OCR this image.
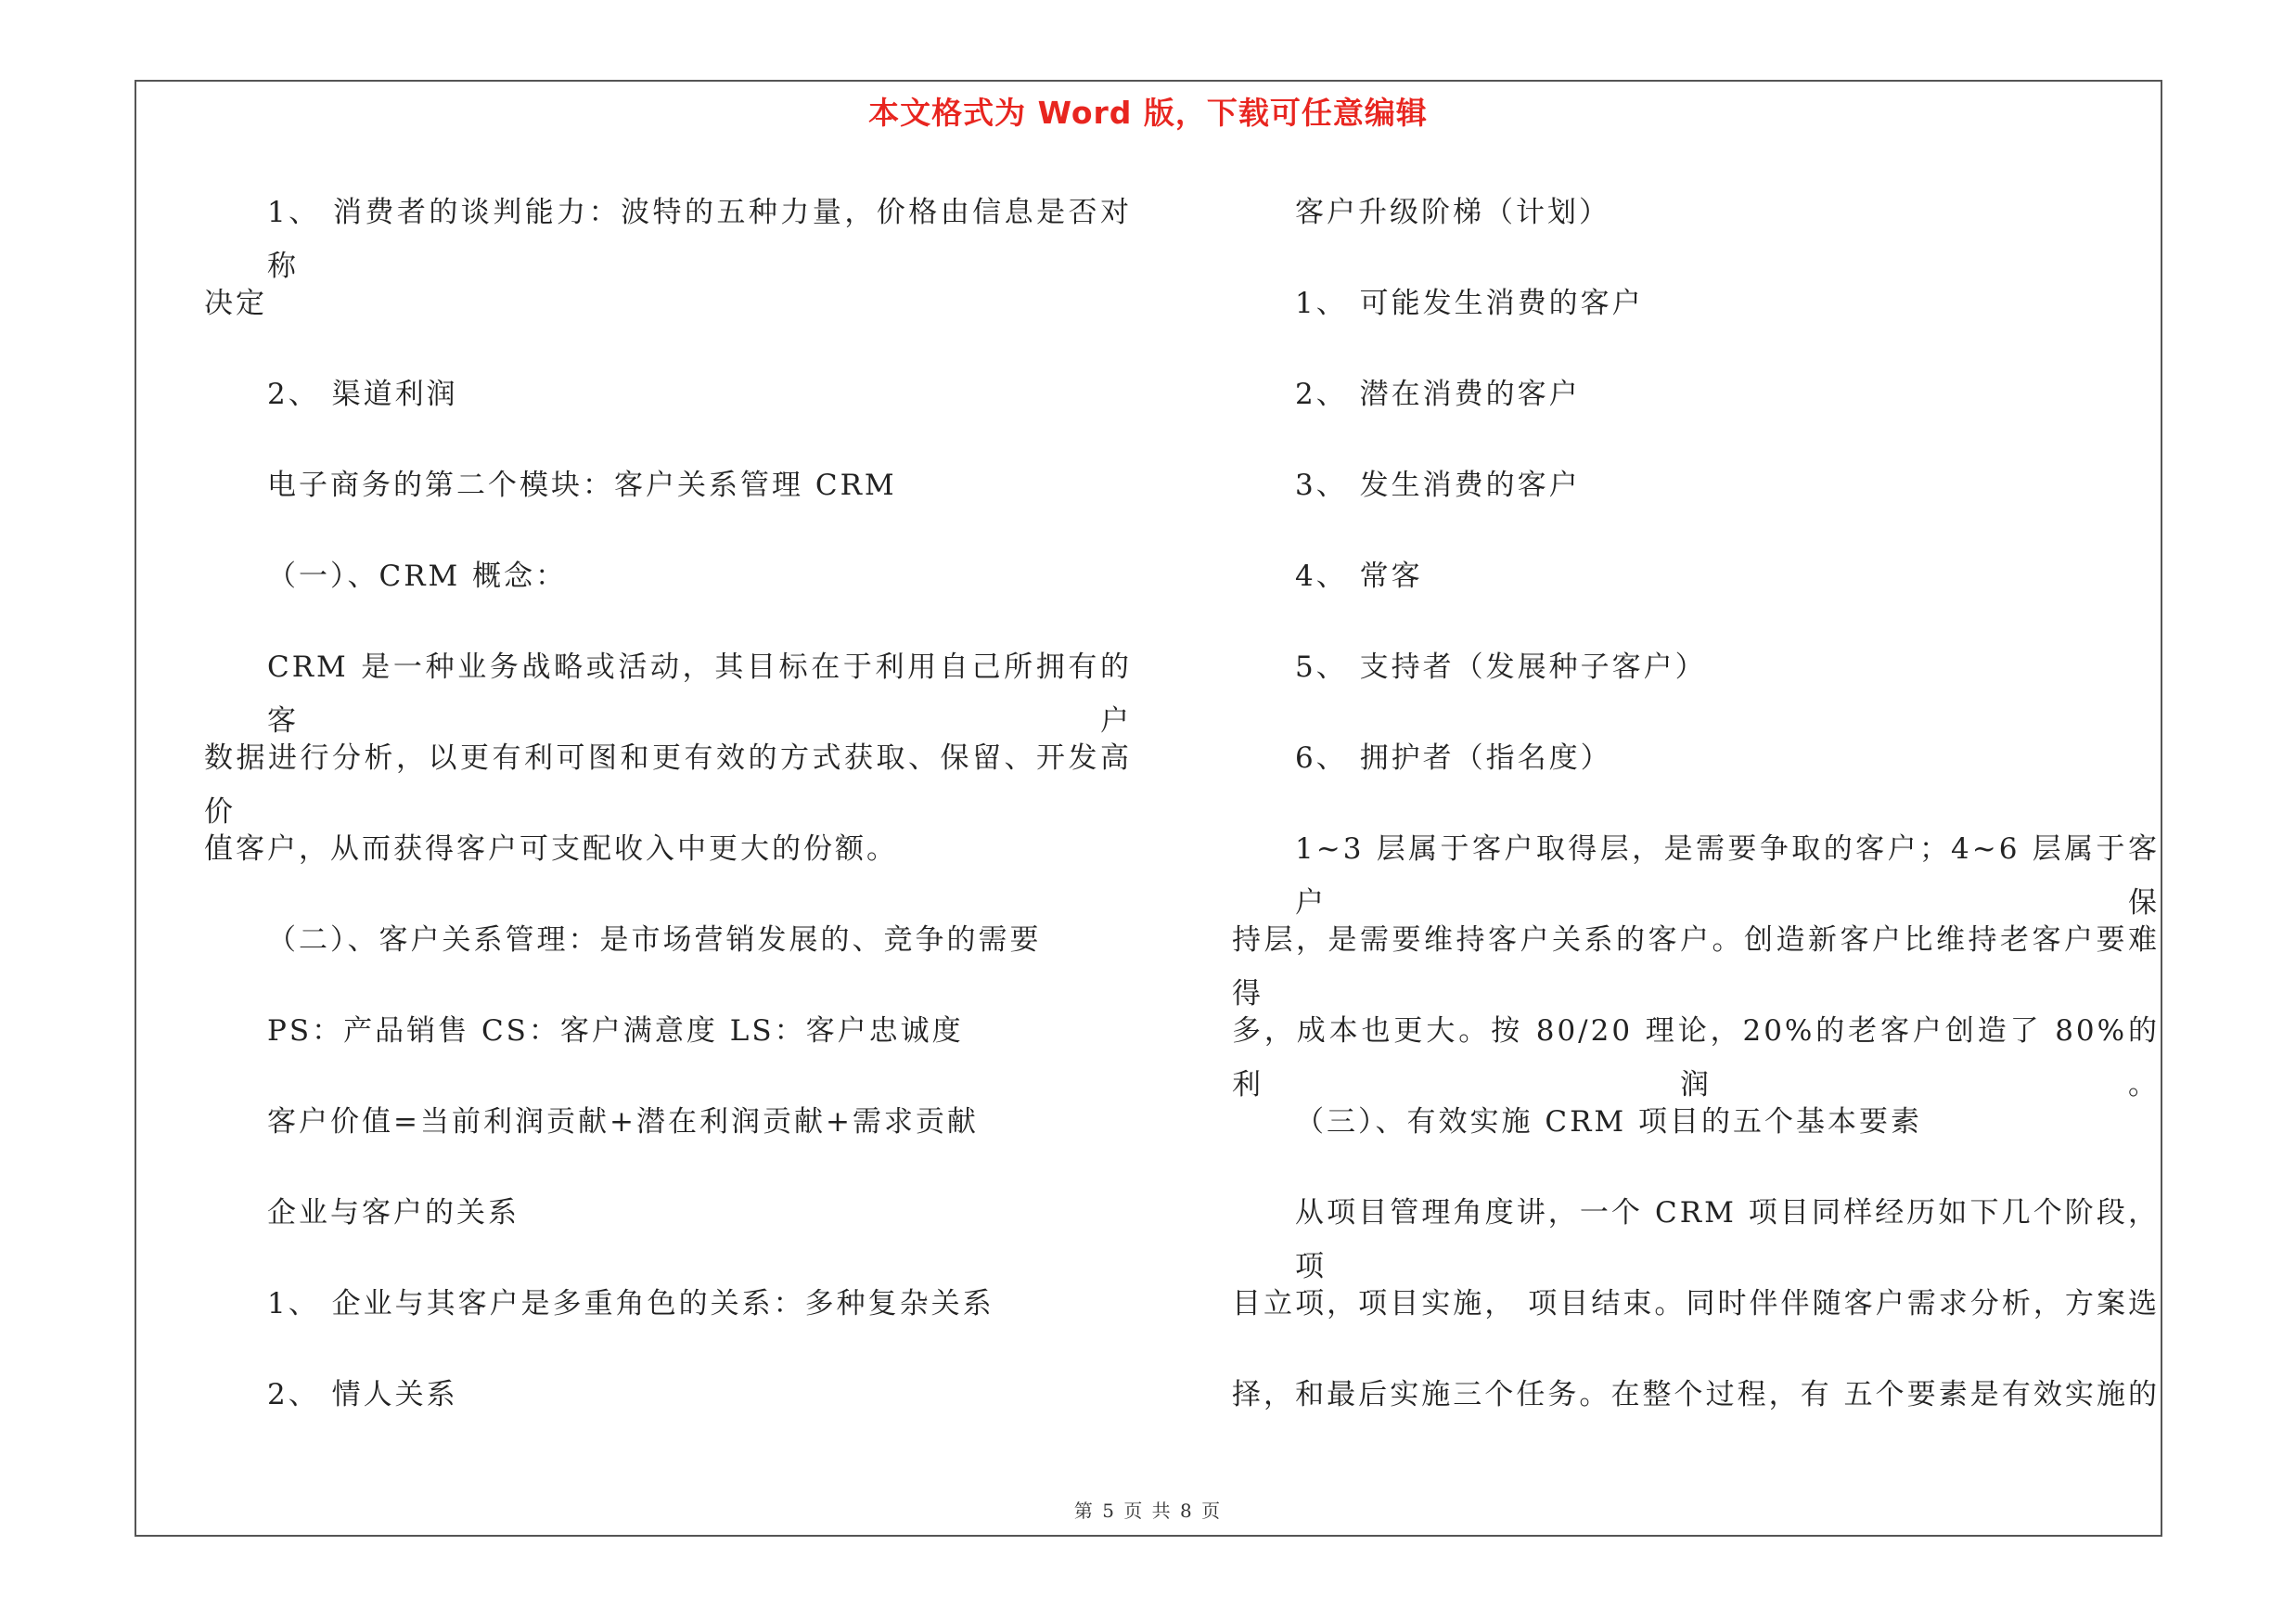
本文格式为 Word 版，下载可任意编辑
1、 消费者的谈判能力：波特的五种力量，价格由信息是否对称
决定
2、 渠道利润
电子商务的第二个模块：客户关系管理 CRM
（一）、CRM 概念：
CRM 是一种业务战略或活动，其目标在于利用自己所拥有的客户
数据进行分析，以更有利可图和更有效的方式获取、保留、开发高价
值客户，从而获得客户可支配收入中更大的份额。
（二）、客户关系管理：是市场营销发展的、竞争的需要
PS：产品销售 CS：客户满意度 LS：客户忠诚度
客户价值=当前利润贡献+潜在利润贡献+需求贡献
企业与客户的关系
1、 企业与其客户是多重角色的关系：多种复杂关系
2、 情人关系
客户升级阶梯（计划）
1、 可能发生消费的客户
2、 潜在消费的客户
3、 发生消费的客户
4、 常客
5、 支持者（发展种子客户）
6、 拥护者（指名度）
1~3 层属于客户取得层，是需要争取的客户；4~6 层属于客户保
持层，是需要维持客户关系的客户。创造新客户比维持老客户要难得
多，成本也更大。按 80/20 理论，20%的老客户创造了 80%的利润。
（三）、有效实施 CRM 项目的五个基本要素
从项目管理角度讲，一个 CRM 项目同样经历如下几个阶段， 项
目立项，项目实施， 项目结束。同时伴伴随客户需求分析，方案选
择，和最后实施三个任务。在整个过程，有 五个要素是有效实施的
第 5 页 共 8 页
